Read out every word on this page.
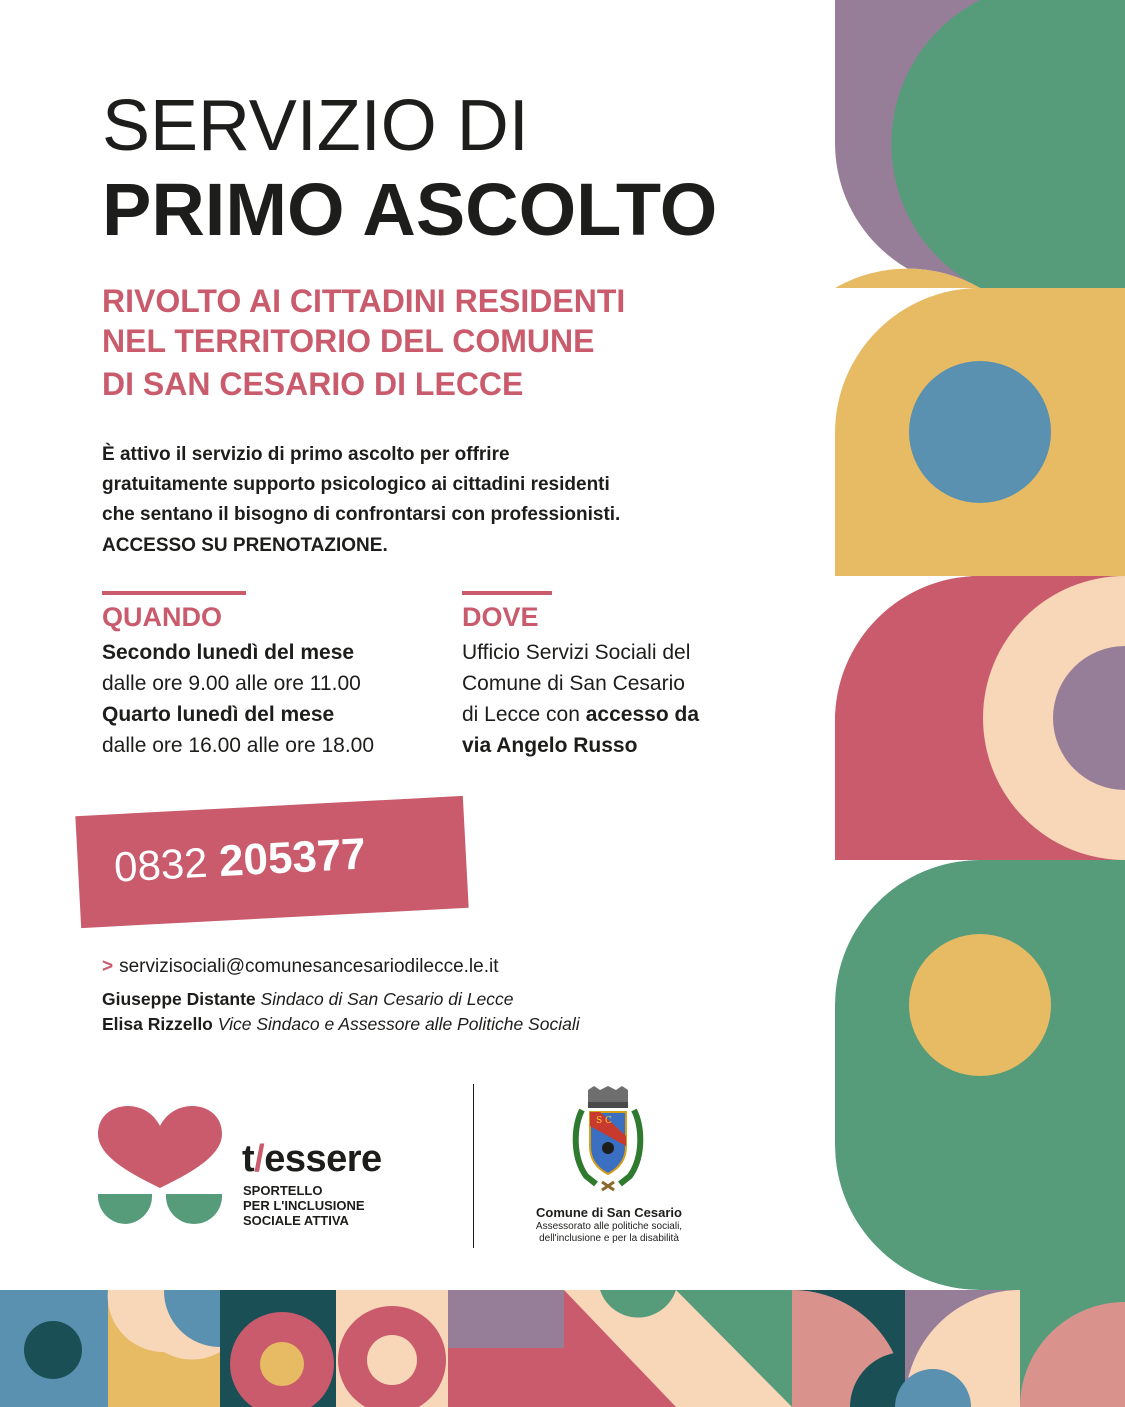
SERVIZIO DI
PRIMO ASCOLTO
RIVOLTO AI CITTADINI RESIDENTI
NEL TERRITORIO DEL COMUNE
DI SAN CESARIO DI LECCE
È attivo il servizio di primo ascolto per offrire
gratuitamente supporto psicologico ai cittadini residenti
che sentano il bisogno di confrontarsi con professionisti.
ACCESSO SU PRENOTAZIONE.
QUANDO
Secondo lunedì del mese
dalle ore 9.00 alle ore 11.00
Quarto lunedì del mese
dalle ore 16.00 alle ore 18.00
DOVE
Ufficio Servizi Sociali del
Comune di San Cesario
di Lecce con accesso da
via Angelo Russo
0832 205377
> servizisociali@comunesancesariodilecce.le.it
Giuseppe Distante Sindaco di San Cesario di Lecce
Elisa Rizzello Vice Sindaco e Assessore alle Politiche Sociali
t/essere
SPORTELLO
PER L'INCLUSIONE
SOCIALE ATTIVA
S C
Comune di San Cesario
Assessorato alle politiche sociali,
dell'inclusione e per la disabilità
